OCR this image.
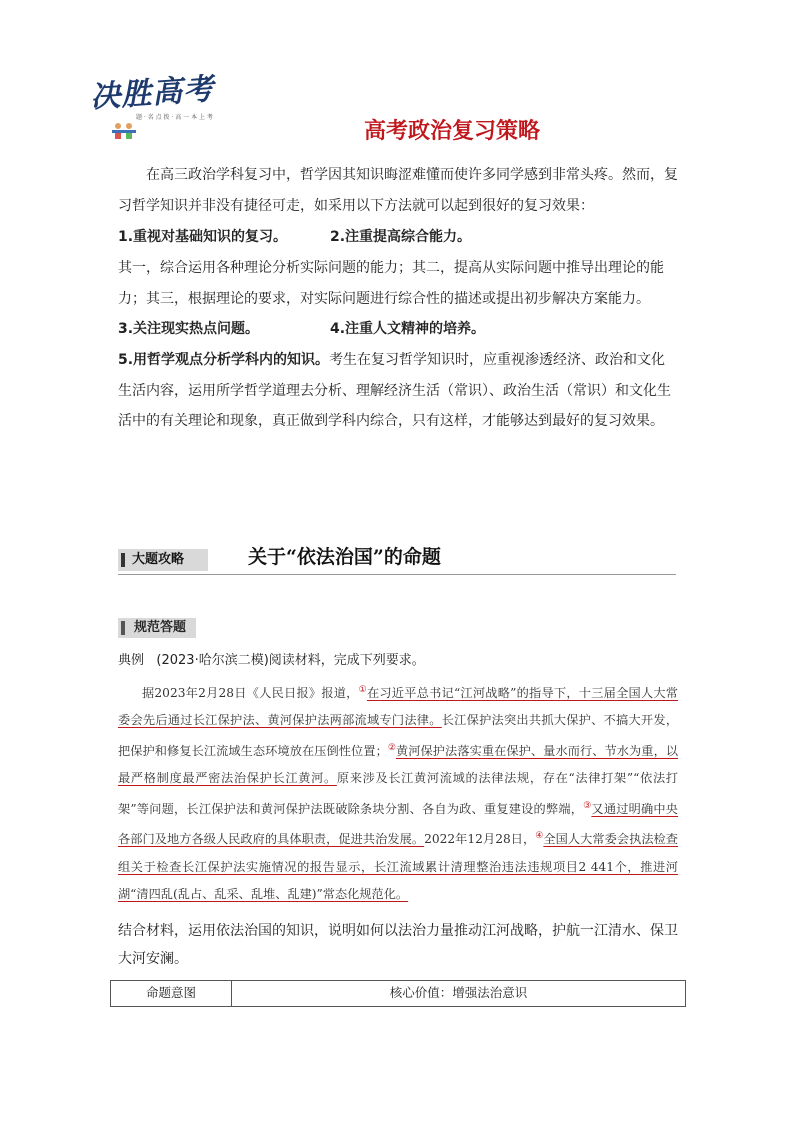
决胜高考
题 · 名 点 拨 · 高 一 本 上 考
高考政治复习策略
在高三政治学科复习中，哲学因其知识晦涩难懂而使许多同学感到非常头疼。然而，复习哲学知识并非没有捷径可走，如采用以下方法就可以起到很好的复习效果：
1.重视对基础知识的复习。	2.注重提高综合能力。
其一，综合运用各种理论分析实际问题的能力；其二，提高从实际问题中推导出理论的能力；其三，根据理论的要求，对实际问题进行综合性的描述或提出初步解决方案能力。
3.关注现实热点问题。	4.注重人文精神的培养。
5.用哲学观点分析学科内的知识。考生在复习哲学知识时，应重视渗透经济、政治和文化生活内容，运用所学哲学道理去分析、理解经济生活（常识）、政治生活（常识）和文化生活中的有关理论和现象，真正做到学科内综合，只有这样，才能够达到最好的复习效果。
大题攻略	关于“依法治国”的命题
规范答题
典例 (2023·哈尔滨二模)阅读材料，完成下列要求。
据2023年2月28日《人民日报》报道，①在习近平总书记“江河战略”的指导下，十三届全国人大常委会先后通过长江保护法、黄河保护法两部流域专门法律。长江保护法突出共抓大保护、不搞大开发，把保护和修复长江流域生态环境放在压倒性位置；②黄河保护法落实重在保护、量水而行、节水为重，以最严格制度最严密法治保护长江黄河。原来涉及长江黄河流域的法律法规，存在“法律打架”“依法打架”等问题，长江保护法和黄河保护法既破除条块分割、各自为政、重复建设的弊端，③又通过明确中央各部门及地方各级人民政府的具体职责，促进共治发展。2022年12月28日，④全国人大常委会执法检查组关于检查长江保护法实施情况的报告显示，长江流域累计清理整治违法违规项目2 441个，推进河湖“清四乱(乱占、乱采、乱堆、乱建)”常态化规范化。
结合材料，运用依法治国的知识，说明如何以法治力量推动江河战略，护航一江清水、保卫大河安澜。
命题意图	核心价值：增强法治意识
